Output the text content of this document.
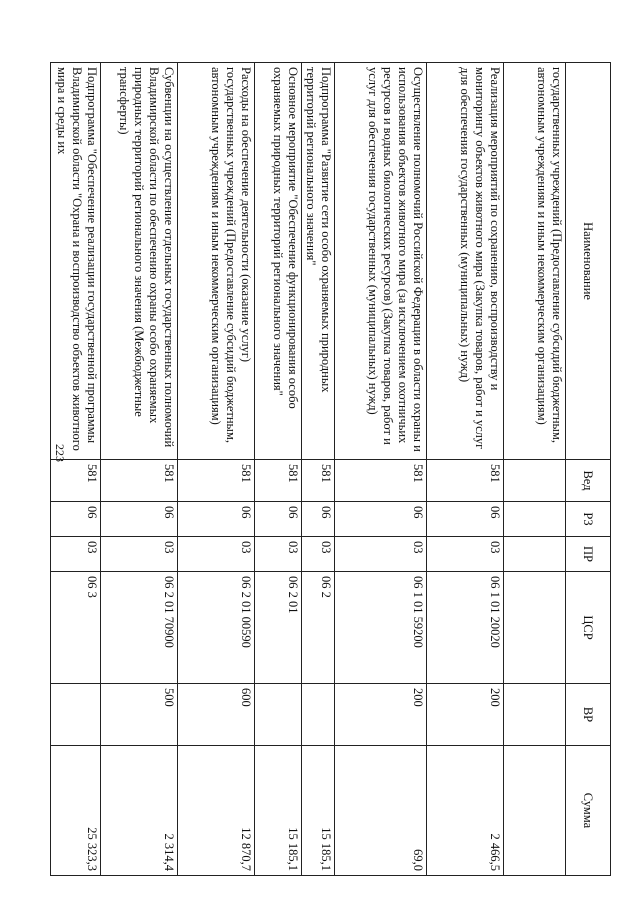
223
Наименование	Вед	РЗ	ПР	ЦСР	ВР	Сумма
государственных учреждений (Предоставление субсидий бюджетным, автономным учреждениям и иным некоммерческим организациям)						
Реализация мероприятий по сохранению, воспроизводству и мониторингу объектов животного мира (Закупка товаров, работ и услуг для обеспечения государственных (муниципальных) нужд)	581	06	03	06 1 01 20020	200	2 466,5
Осуществление полномочий Российской Федерации в области охраны и использования объектов животного мира (за исключением охотничьих ресурсов и водных биологических ресурсов) (Закупка товаров, работ и услуг для обеспечения государственных (муниципальных) нужд)	581	06	03	06 1 01 59200	200	69,0
Подпрограмма "Развитие сети особо охраняемых природных территорий регионального значения"	581	06	03	06 2		15 185,1
Основное мероприятие "Обеспечение функционирования особо охраняемых природных территорий регионального значения"	581	06	03	06 2 01		15 185,1
Расходы на обеспечение деятельности (оказание услуг) государственных учреждений (Предоставление субсидий бюджетным, автономным учреждениям и иным некоммерческим организациям)	581	06	03	06 2 01 00590	600	12 870,7
Субвенции на осуществление отдельных государственных полномочий Владимирской области по обеспечению охраны особо охраняемых природных территорий регионального значения (Межбюджетные трансферты)	581	06	03	06 2 01 70900	500	2 314,4
Подпрограмма "Обеспечение реализации государственной программы Владимирской области "Охрана и воспроизводство объектов животного мира и среды их	581	06	03	06 3		25 323,3
